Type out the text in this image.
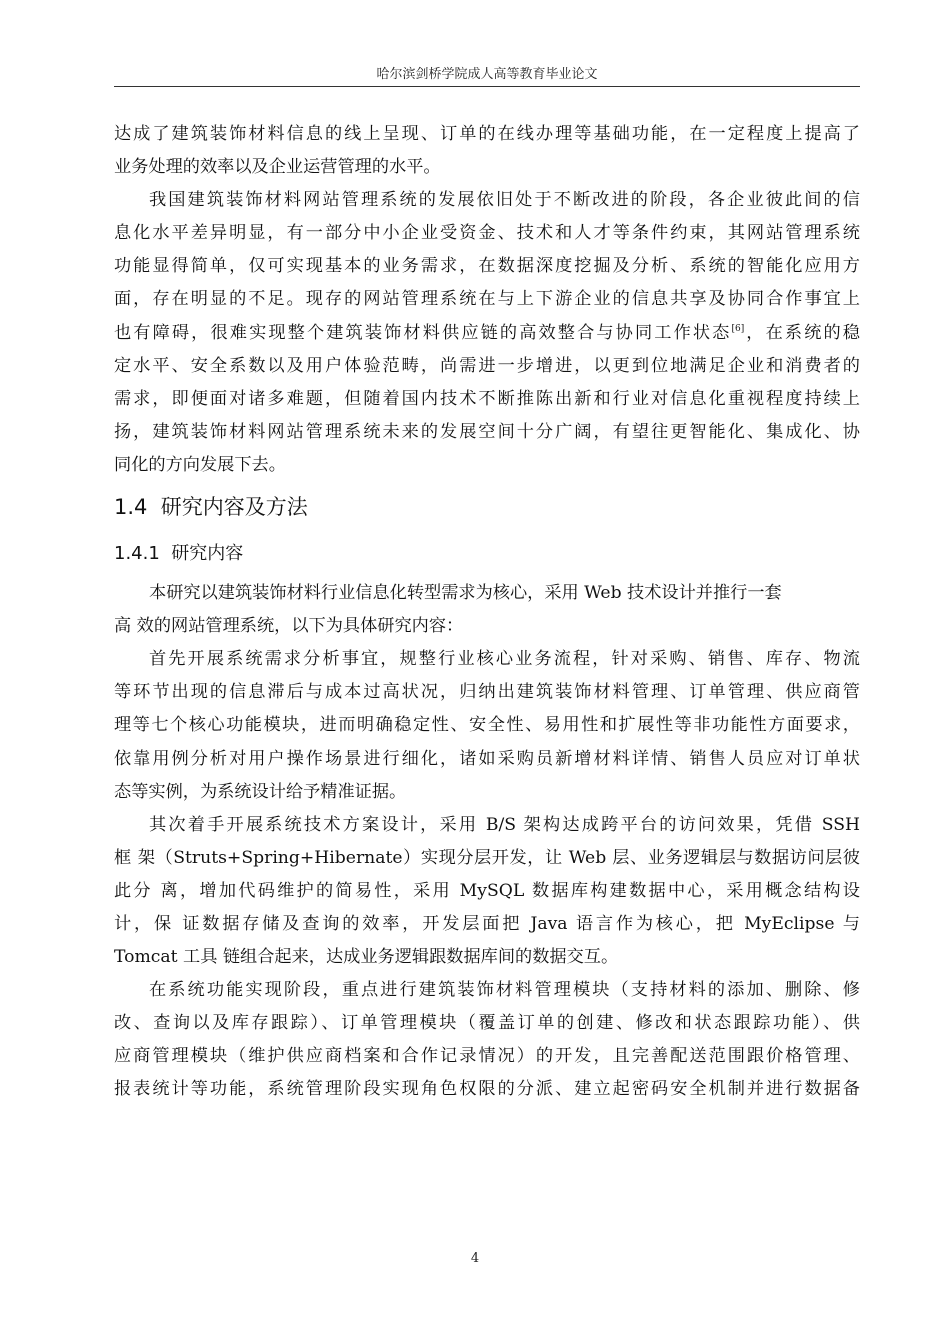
哈尔滨剑桥学院成人高等教育毕业论文

达成了建筑装饰材料信息的线上呈现、订单的在线办理等基础功能，在一定程度上提高了

业务处理的效率以及企业运营管理的水平。

我国建筑装饰材料网站管理系统的发展依旧处于不断改进的阶段，各企业彼此间的信

息化水平差异明显，有一部分中小企业受资金、技术和人才等条件约束，其网站管理系统

功能显得简单，仅可实现基本的业务需求，在数据深度挖掘及分析、系统的智能化应用方

面，存在明显的不足。现存的网站管理系统在与上下游企业的信息共享及协同合作事宜上

也有障碍，很难实现整个建筑装饰材料供应链的高效整合与协同工作状态[6]，在系统的稳

定水平、安全系数以及用户体验范畴，尚需进一步增进，以更到位地满足企业和消费者的

需求，即便面对诸多难题，但随着国内技术不断推陈出新和行业对信息化重视程度持续上

扬，建筑装饰材料网站管理系统未来的发展空间十分广阔，有望往更智能化、集成化、协

同化的方向发展下去。

1.4 研究内容及方法
1.4.1 研究内容

本研究以建筑装饰材料行业信息化转型需求为核心，采用 Web 技术设计并推行一套

高 效的网站管理系统，以下为具体研究内容：

首先开展系统需求分析事宜，规整行业核心业务流程，针对采购、销售、库存、物流

等环节出现的信息滞后与成本过高状况，归纳出建筑装饰材料管理、订单管理、供应商管

理等七个核心功能模块，进而明确稳定性、安全性、易用性和扩展性等非功能性方面要求，

依靠用例分析对用户操作场景进行细化，诸如采购员新增材料详情、销售人员应对订单状

态等实例，为系统设计给予精准证据。

其次着手开展系统技术方案设计，采用 B/S 架构达成跨平台的访问效果，凭借 SSH

框 架（Struts+Spring+Hibernate）实现分层开发，让 Web 层、业务逻辑层与数据访问层彼

此分 离，增加代码维护的简易性，采用 MySQL 数据库构建数据中心，采用概念结构设

计，保 证数据存储及查询的效率，开发层面把 Java 语言作为核心，把 MyEclipse 与

Tomcat 工具 链组合起来，达成业务逻辑跟数据库间的数据交互。

在系统功能实现阶段，重点进行建筑装饰材料管理模块（支持材料的添加、删除、修

改、查询以及库存跟踪）、订单管理模块（覆盖订单的创建、修改和状态跟踪功能）、供

应商管理模块（维护供应商档案和合作记录情况）的开发，且完善配送范围跟价格管理、

报表统计等功能，系统管理阶段实现角色权限的分派、建立起密码安全机制并进行数据备

4
